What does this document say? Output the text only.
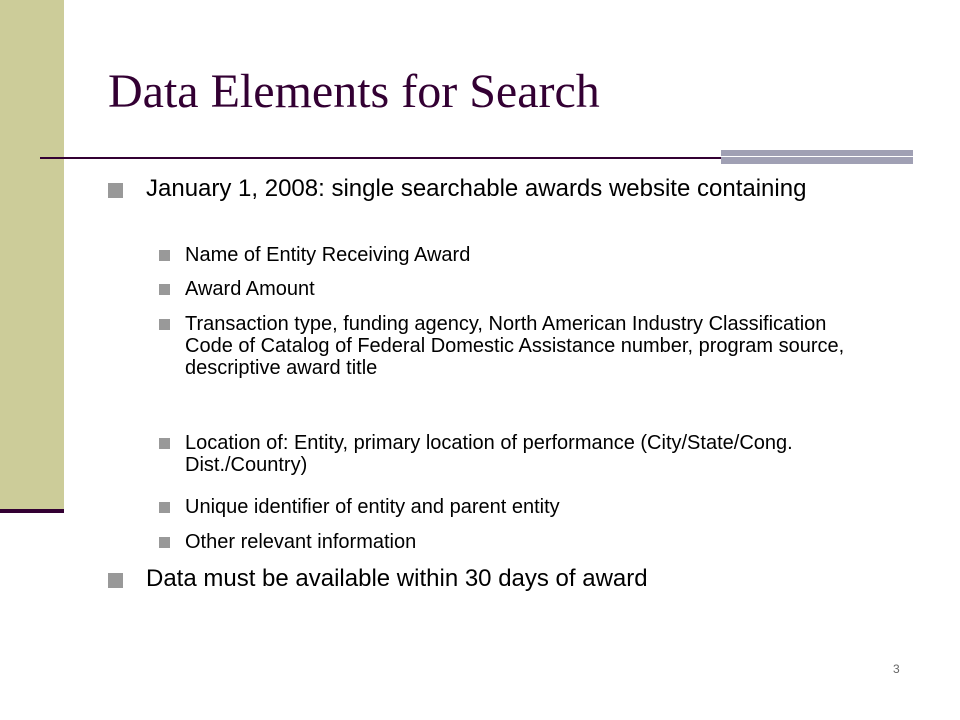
Data Elements for Search
January 1, 2008: single searchable awards website containing
Name of Entity Receiving Award
Award Amount
Transaction type, funding agency, North American Industry Classification Code of Catalog of Federal Domestic Assistance number, program source, descriptive award title
Location of: Entity, primary location of performance (City/State/Cong. Dist./Country)
Unique identifier of entity and parent entity
Other relevant information
Data must be available within 30 days of award
3
